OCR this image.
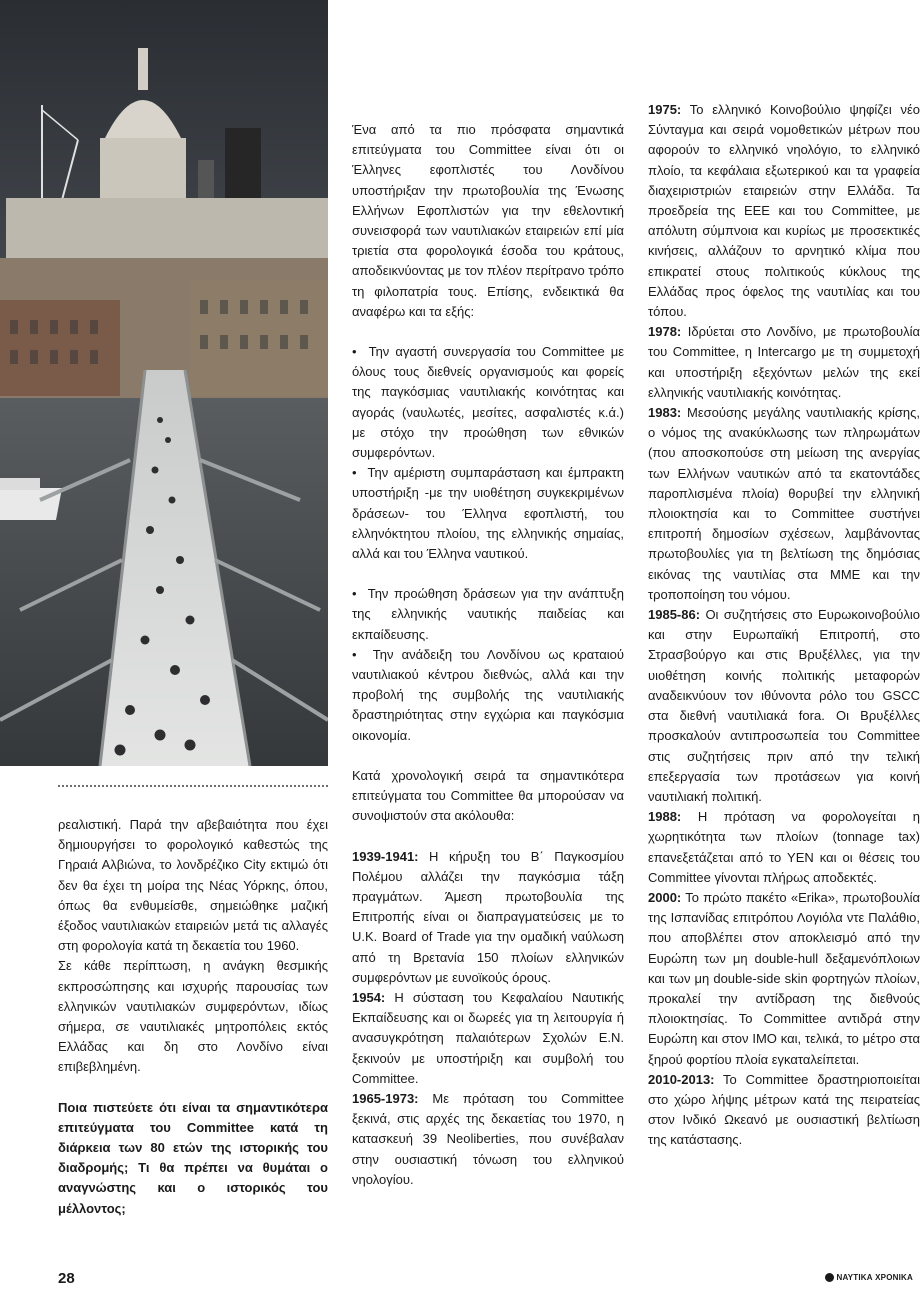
ρεαλιστική. Παρά την αβεβαιότητα που έχει δημιουργήσει το φορολογικό καθεστώς της Γηραιά Αλβιώνα, το λονδρέζικο City εκτιμώ ότι δεν θα έχει τη μοίρα της Νέας Υόρκης, όπου, όπως θα ενθυμείσθε, σημειώθηκε μαζική έξοδος ναυτιλιακών εταιρειών μετά τις αλλαγές στη φορολογία κατά τη δεκαετία του 1960.

Σε κάθε περίπτωση, η ανάγκη θεσμικής εκπροσώπησης και ισχυρής παρουσίας των ελληνικών ναυτιλιακών συμφερόντων, ιδίως σήμερα, σε ναυτιλιακές μητροπόλεις εκτός Ελλάδας και δη στο Λονδίνο είναι επιβεβλημένη.

Ποια πιστεύετε ότι είναι τα σημαντικότερα επιτεύγματα του Committee κατά τη διάρκεια των 80 ετών της ιστορικής του διαδρομής; Τι θα πρέπει να θυμάται ο αναγνώστης και ο ιστορικός του μέλλοντος;

Ένα από τα πιο πρόσφατα σημαντικά επιτεύγματα του Committee είναι ότι οι Έλληνες εφοπλιστές του Λονδίνου υποστήριξαν την πρωτοβουλία της Ένωσης Ελλήνων Εφοπλιστών για την εθελοντική συνεισφορά των ναυτιλιακών εταιρειών επί μία τριετία στα φορολογικά έσοδα του κράτους, αποδεικνύοντας με τον πλέον περίτρανο τρόπο τη φιλοπατρία τους. Επίσης, ενδεικτικά θα αναφέρω και τα εξής:

•  Την αγαστή συνεργασία του Committee με όλους τους διεθνείς οργανισμούς και φορείς της παγκόσμιας ναυτιλιακής κοινότητας και αγοράς (ναυλωτές, μεσίτες, ασφαλιστές κ.ά.) με στόχο την προώθηση των εθνικών συμφερόντων.

•  Την αμέριστη συμπαράσταση και έμπρακτη υποστήριξη -με την υιοθέτηση συγκεκριμένων δράσεων- του Έλληνα εφοπλιστή, του ελληνόκτητου πλοίου, της ελληνικής σημαίας, αλλά και του Έλληνα ναυτικού.

•  Την προώθηση δράσεων για την ανάπτυξη της ελληνικής ναυτικής παιδείας και εκπαίδευσης.

•  Την ανάδειξη του Λονδίνου ως κραταιού ναυτιλιακού κέντρου διεθνώς, αλλά και την προβολή της συμβολής της ναυτιλιακής δραστηριότητας στην εγχώρια και παγκόσμια οικονομία.

Κατά χρονολογική σειρά τα σημαντικότερα επιτεύγματα του Committee θα μπορούσαν να συνοψιστούν στα ακόλουθα:

1939-1941: Η κήρυξη του Β΄ Παγκοσμίου Πολέμου αλλάζει την παγκόσμια τάξη πραγμάτων. Άμεση πρωτοβουλία της Επιτροπής είναι οι διαπραγματεύσεις με το U.K. Board of Trade για την ομαδική ναύλωση από τη Βρετανία 150 πλοίων ελληνικών συμφερόντων με ευνοϊκούς όρους.

1954: Η σύσταση του Κεφαλαίου Ναυτικής Εκπαίδευσης και οι δωρεές για τη λειτουργία ή ανασυγκρότηση παλαιότερων Σχολών Ε.Ν. ξεκινούν με υποστήριξη και συμβολή του Committee.

1965-1973: Με πρόταση του Committee ξεκινά, στις αρχές της δεκαετίας του 1970, η κατασκευή 39 Neoliberties, που συνέβαλαν στην ουσιαστική τόνωση του ελληνικού νηολογίου.

1975: Το ελληνικό Κοινοβούλιο ψηφίζει νέο Σύνταγμα και σειρά νομοθετικών μέτρων που αφορούν το ελληνικό νηολόγιο, το ελληνικό πλοίο, τα κεφάλαια εξωτερικού και τα γραφεία διαχειριστριών εταιρειών στην Ελλάδα. Τα προεδρεία της ΕΕΕ και του Committee, με απόλυτη σύμπνοια και κυρίως με προσεκτικές κινήσεις, αλλάζουν το αρνητικό κλίμα που επικρατεί στους πολιτικούς κύκλους της Ελλάδας προς όφελος της ναυτιλίας και του τόπου.

1978: Ιδρύεται στο Λονδίνο, με πρωτοβουλία του Committee, η Intercargo με τη συμμετοχή και υποστήριξη εξεχόντων μελών της εκεί ελληνικής ναυτιλιακής κοινότητας.

1983: Μεσούσης μεγάλης ναυτιλιακής κρίσης, ο νόμος της ανακύκλωσης των πληρωμάτων (που αποσκοπούσε στη μείωση της ανεργίας των Ελλήνων ναυτικών από τα εκατοντάδες παροπλισμένα πλοία) θορυβεί την ελληνική πλοιοκτησία και το Committee συστήνει επιτροπή δημοσίων σχέσεων, λαμβάνοντας πρωτοβουλίες για τη βελτίωση της δημόσιας εικόνας της ναυτιλίας στα ΜΜΕ και την τροποποίηση του νόμου.

1985-86: Οι συζητήσεις στο Ευρωκοινοβούλιο και στην Ευρωπαϊκή Επιτροπή, στο Στρασβούργο και στις Βρυξέλλες, για την υιοθέτηση κοινής πολιτικής μεταφορών αναδεικνύουν τον ιθύνοντα ρόλο του GSCC στα διεθνή ναυτιλιακά fora. Οι Βρυξέλλες προσκαλούν αντιπροσωπεία του Committee στις συζητήσεις πριν από την τελική επεξεργασία των προτάσεων για κοινή ναυτιλιακή πολιτική.

1988: Η πρόταση να φορολογείται η χωρητικότητα των πλοίων (tonnage tax) επανεξετάζεται από το ΥΕΝ και οι θέσεις του Committee γίνονται πλήρως αποδεκτές.

2000: Το πρώτο πακέτο «Erika», πρωτοβουλία της Ισπανίδας επιτρόπου Λογιόλα ντε Παλάθιο, που αποβλέπει στον αποκλεισμό από την Ευρώπη των μη double-hull δεξαμενόπλοιων και των μη double-side skin φορτηγών πλοίων, προκαλεί την αντίδραση της διεθνούς πλοιοκτησίας. Το Committee αντιδρά στην Ευρώπη και στον ΙΜΟ και, τελικά, το μέτρο στα ξηρού φορτίου πλοία εγκαταλείπεται.

2010-2013: Το Committee δραστηριοποιείται στο χώρο λήψης μέτρων κατά της πειρατείας στον Ινδικό Ωκεανό με ουσιαστική βελτίωση της κατάστασης.

28	ΝΑΥΤΙΚΑ ΧΡΟΝΙΚΑ
